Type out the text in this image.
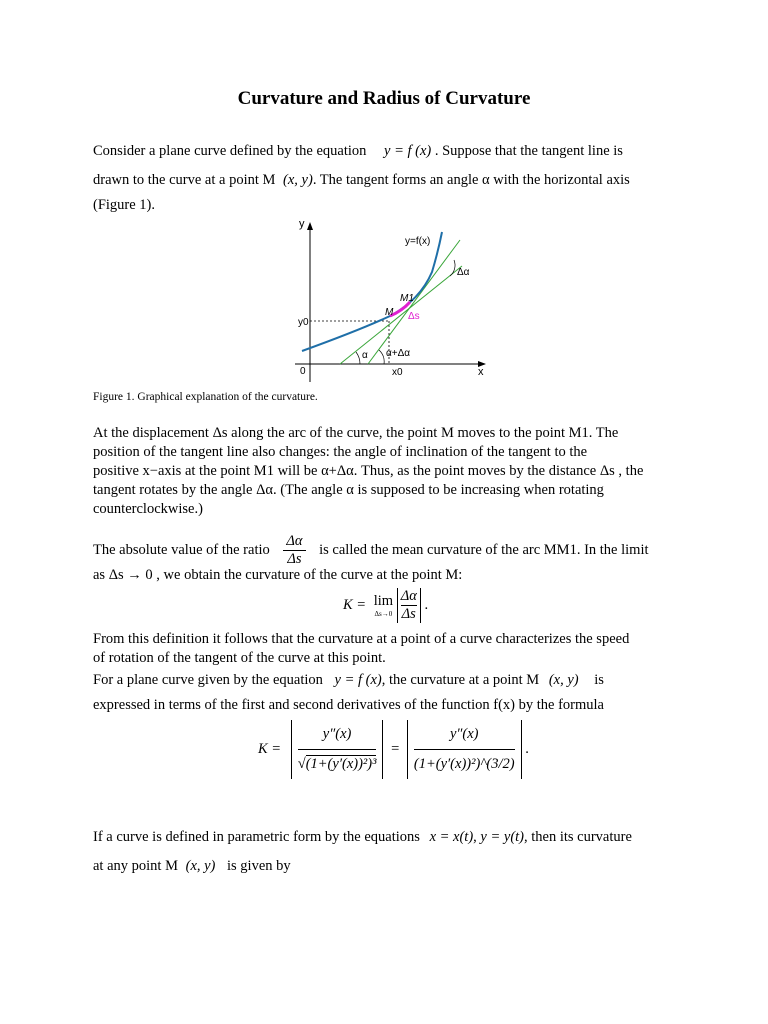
Curvature and Radius of Curvature
Consider a plane curve defined by the equation y = f (x) . Suppose that the tangent line is
drawn to the curve at a point M (x, y). The tangent forms an angle α with the horizontal axis
(Figure 1).
y
x
0
y0
x0
y=f(x)
Δα
M1
M Δs
α α+Δα
Figure 1. Graphical explanation of the curvature.
At the displacement Δs along the arc of the curve, the point M moves to the point M1. The
position of the tangent line also changes: the angle of inclination of the tangent to the
positive x−axis at the point M1 will be α+Δα. Thus, as the point moves by the distance Δs , the
tangent rotates by the angle Δα. (The angle α is supposed to be increasing when rotating
counterclockwise.)
The absolute value of the ratio $\frac{\Delta\alpha}{\Delta s}$ is called the mean curvature of the arc MM1. In the limit
as Δs → 0 , we obtain the curvature of the curve at the point M:
K = lim
Δs→0
$\frac{\Delta\alpha}{\Delta s}$ .
From this definition it follows that the curvature at a point of a curve characterizes the speed
of rotation of the tangent of the curve at this point.
For a plane curve given by the equation y = f (x), the curvature at a point M (x, y) is
expressed in terms of the first and second derivatives of the function f(x) by the formula
$K = \frac{y''(x)}{\text{√(1+(y′(x))²)³}} = \frac{y''(x)}{\text{(1+(y′(x))²)\textasciicircum{}(3/2)}}$ .
If a curve is defined in parametric form by the equations x = x(t), y = y(t), then its curvature
at any point M (x, y) is given by
